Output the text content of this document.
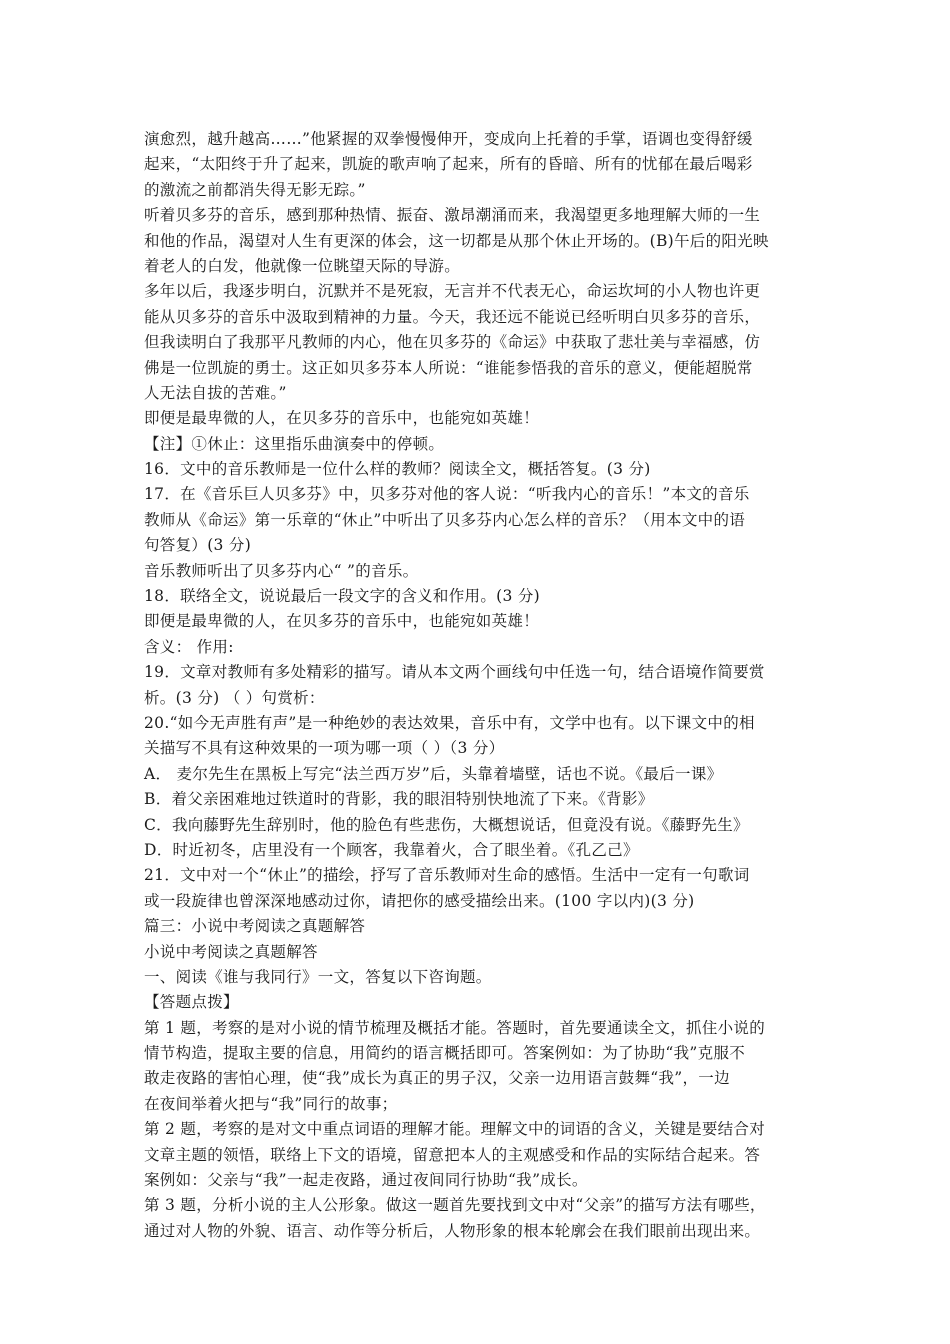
演愈烈，越升越高……”他紧握的双拳慢慢伸开，变成向上托着的手掌，语调也变得舒缓
起来，“太阳终于升了起来，凯旋的歌声响了起来，所有的昏暗、所有的忧郁在最后喝彩
的激流之前都消失得无影无踪。”
听着贝多芬的音乐，感到那种热情、振奋、激昂潮涌而来，我渴望更多地理解大师的一生
和他的作品，渴望对人生有更深的体会，这一切都是从那个休止开场的。(B)午后的阳光映
着老人的白发，他就像一位眺望天际的导游。
多年以后，我逐步明白，沉默并不是死寂，无言并不代表无心，命运坎坷的小人物也许更
能从贝多芬的音乐中汲取到精神的力量。今天，我还远不能说已经听明白贝多芬的音乐，
但我读明白了我那平凡教师的内心，他在贝多芬的《命运》中获取了悲壮美与幸福感，仿
佛是一位凯旋的勇士。这正如贝多芬本人所说：“谁能参悟我的音乐的意义，便能超脱常
人无法自拔的苦难。”
即便是最卑微的人，在贝多芬的音乐中，也能宛如英雄！
【注】①休止：这里指乐曲演奏中的停顿。
16．文中的音乐教师是一位什么样的教师？阅读全文，概括答复。(3 分)
17．在《音乐巨人贝多芬》中，贝多芬对他的客人说：“听我内心的音乐！”本文的音乐
教师从《命运》第一乐章的“休止”中听出了贝多芬内心怎么样的音乐？（用本文中的语
句答复）(3 分)
音乐教师听出了贝多芬内心“ ”的音乐。
18．联络全文，说说最后一段文字的含义和作用。(3 分)
即便是最卑微的人，在贝多芬的音乐中，也能宛如英雄！
含义： 作用:
19．文章对教师有多处精彩的描写。请从本文两个画线句中任选一句，结合语境作简要赏
析。(3 分) （ ）句赏析：
20.“如今无声胜有声”是一种绝妙的表达效果，音乐中有，文学中也有。以下课文中的相
关描写不具有这种效果的一项为哪一项（ ）（3 分）
A． 麦尔先生在黑板上写完“法兰西万岁”后，头靠着墙壁，话也不说。《最后一课》
B．着父亲困难地过铁道时的背影，我的眼泪特别快地流了下来。《背影》
C．我向藤野先生辞别时，他的脸色有些悲伤，大概想说话，但竟没有说。《藤野先生》
D．时近初冬，店里没有一个顾客，我靠着火，合了眼坐着。《孔乙己》
21．文中对一个“休止”的描绘，抒写了音乐教师对生命的感悟。生活中一定有一句歌词
或一段旋律也曾深深地感动过你，请把你的感受描绘出来。(100 字以内)(3 分)
篇三：小说中考阅读之真题解答
小说中考阅读之真题解答
一、阅读《谁与我同行》一文，答复以下咨询题。
【答题点拨】
第 1 题，考察的是对小说的情节梳理及概括才能。答题时，首先要通读全文，抓住小说的
情节构造，提取主要的信息，用简约的语言概括即可。答案例如：为了协助“我”克服不
敢走夜路的害怕心理，使“我”成长为真正的男子汉，父亲一边用语言鼓舞“我”，一边
在夜间举着火把与“我”同行的故事；
第 2 题，考察的是对文中重点词语的理解才能。理解文中的词语的含义，关键是要结合对
文章主题的领悟，联络上下文的语境，留意把本人的主观感受和作品的实际结合起来。答
案例如：父亲与“我”一起走夜路，通过夜间同行协助“我”成长。
第 3 题，分析小说的主人公形象。做这一题首先要找到文中对“父亲”的描写方法有哪些，
通过对人物的外貌、语言、动作等分析后，人物形象的根本轮廓会在我们眼前出现出来。
